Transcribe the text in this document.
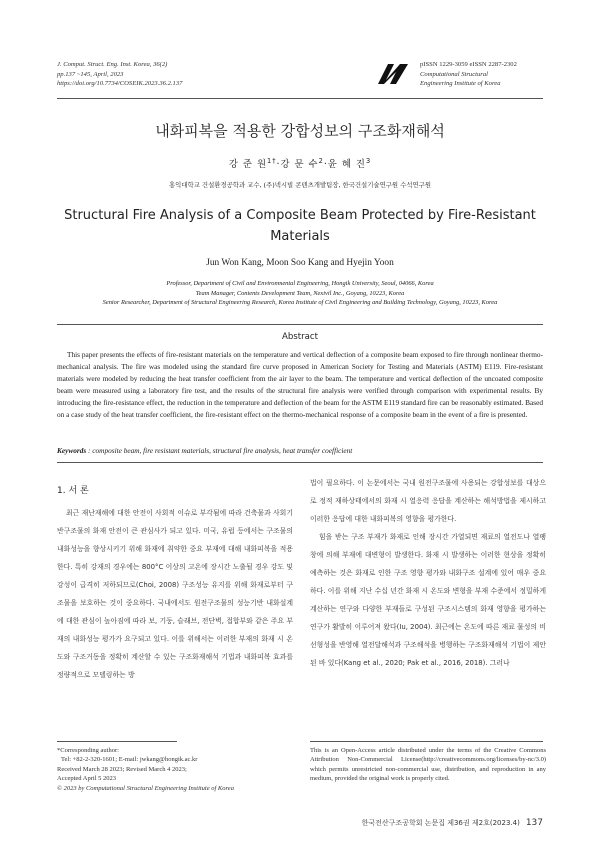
J. Comput. Struct. Eng. Inst. Korea, 36(2)
pp.137 ~145, April, 2023
https://doi.org/10.7734/COSEIK.2023.36.2.137
pISSN 1229-3059 eISSN 2287-2302
Computational Structural
Engineering Institute of Korea
내화피복을 적용한 강합성보의 구조화재해석
강 준 원$^{1\dagger}$·강 문 수$^2$·윤 혜 진$^3$
홍익대학교 건설환경공학과 교수, (주)넥시빌 콘텐츠개발팀장, 한국건설기술연구원 수석연구원
Structural Fire Analysis of a Composite Beam Protected by Fire-Resistant Materials
Jun Won Kang, Moon Soo Kang and Hyejin Yoon
Professor, Department of Civil and Environmental Engineering, Hongik University, Seoul, 04066, Korea
Team Manager, Contents Development Team, Nexivil Inc., Goyang, 10223, Korea
Senior Researcher, Department of Structural Engineering Research, Korea Institute of Civil Engineering and Building Technology, Goyang, 10223, Korea
Abstract
This paper presents the effects of fire-resistant materials on the temperature and vertical deflection of a composite beam exposed to fire through nonlinear thermo-mechanical analysis. The fire was modeled using the standard fire curve proposed in American Society for Testing and Materials (ASTM) E119. Fire-resistant materials were modeled by reducing the heat transfer coefficient from the air layer to the beam. The temperature and vertical deflection of the uncoated composite beam were measured using a laboratory fire test, and the results of the structural fire analysis were verified through comparison with experimental results. By introducing the fire-resistance effect, the reduction in the temperature and deflection of the beam for the ASTM E119 standard fire can be reasonably estimated. Based on a case study of the heat transfer coefficient, the fire-resistant effect on the thermo-mechanical response of a composite beam in the event of a fire is presented.
Keywords : composite beam, fire resistant materials, structural fire analysis, heat transfer coefficient
1. 서 론

최근 재난재해에 대한 안전이 사회적 이슈로 부각됨에 따라 건축물과 사회기반구조물의 화재 안전이 큰 관심사가 되고 있다. 미국, 유럽 등에서는 구조물의 내화성능을 향상시키기 위해 화재에 취약한 중요 부재에 대해 내화피복을 적용한다. 특히 강재의 경우에는 800°C 이상의 고온에 장시간 노출될 경우 강도 및 강성이 급격히 저하되므로(Choi, 2008) 구조성능 유지를 위해 화재로부터 구조물을 보호하는 것이 중요하다. 국내에서도 원전구조물의 성능기반 내화설계에 대한 관심이 높아짐에 따라 보, 기둥, 슬래브, 전단벽, 접합부와 같은 주요 부재의 내화성능 평가가 요구되고 있다. 이를 위해서는 이러한 부재의 화재 시 온도와 구조거동을 정확히 계산할 수 있는 구조화재해석 기법과 내화피복 효과를 정량적으로 모델링하는 방

법이 필요하다. 이 논문에서는 국내 원전구조물에 사용되는 강합성보를 대상으로 정적 재하상태에서의 화재 시 열응력 응답을 계산하는 해석방법을 제시하고 이러한 응답에 대한 내화피복의 영향을 평가한다.

힘을 받는 구조 부재가 화재로 인해 장시간 가열되면 재료의 열전도나 열팽창에 의해 부재에 대변형이 발생한다. 화재 시 발생하는 이러한 현상을 정확히 예측하는 것은 화재로 인한 구조 영향 평가와 내화구조 설계에 있어 매우 중요하다. 이를 위해 지난 수십 년간 화재 시 온도와 변형을 부재 수준에서 정밀하게 계산하는 연구와 다양한 부재들로 구성된 구조시스템의 화재 영향을 평가하는 연구가 활발히 이루어져 왔다(Iu, 2004). 최근에는 온도에 따른 재료 물성의 비선형성을 반영해 열전달해석과 구조해석을 병행하는 구조화재해석 기법이 제안된 바 있다(Kang et al., 2020; Pak et al., 2016, 2018). 그러나

*Corresponding author:
Tel: +82-2-320-1601; E-mail: jwkang@hongik.ac.kr
Received March 28 2023; Revised March 4 2023;
Accepted April 5 2023
© 2023 by Computational Structural Engineering Institute of Korea
This is an Open-Access article distributed under the terms of the Creative Commons Attribution Non-Commercial License(http://creativecommons.org/licenses/by-nc/3.0) which permits unrestricted non-commercial use, distribution, and reproduction in any medium, provided the original work is properly cited.
한국전산구조공학회 논문집 제36권 제2호(2023.4) 137
